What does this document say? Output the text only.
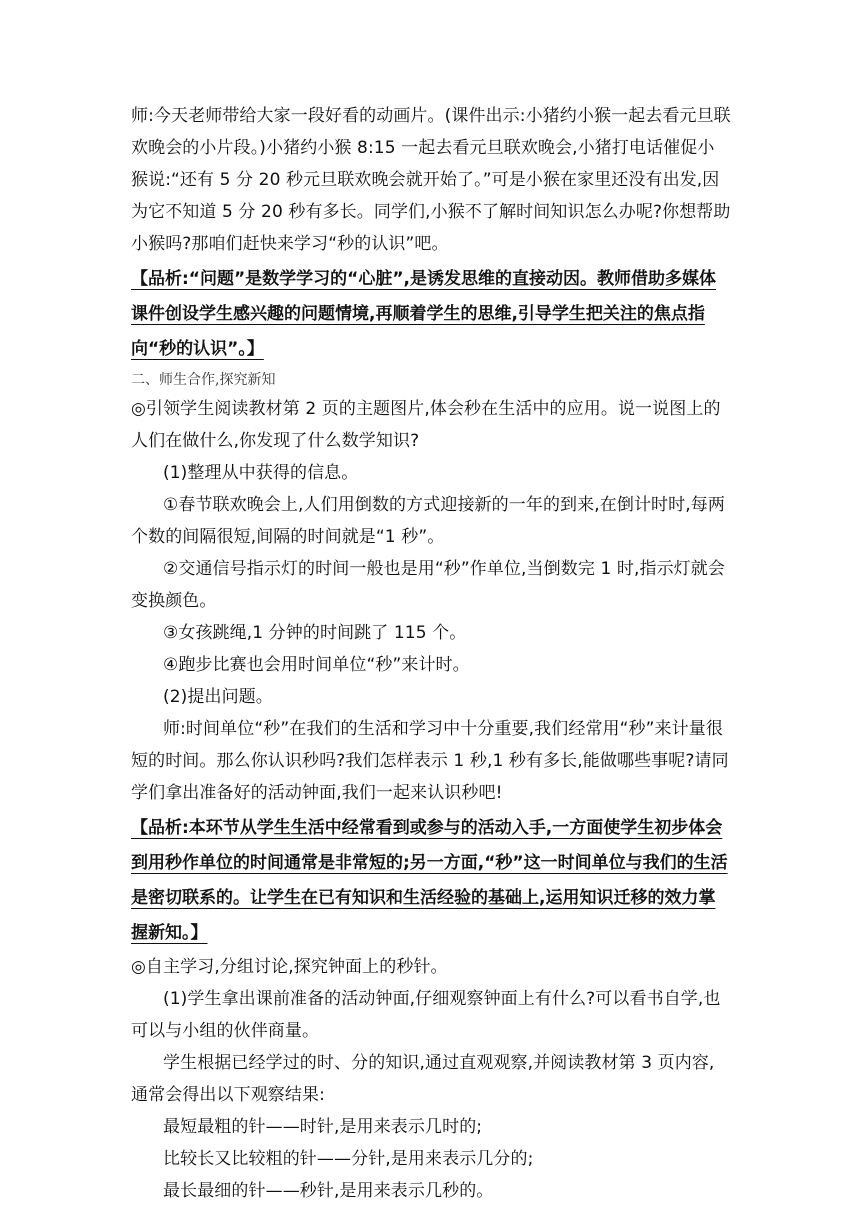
师:今天老师带给大家一段好看的动画片。(课件出示:小猪约小猴一起去看元旦联欢晚会的小片段。)小猪约小猴 8:15 一起去看元旦联欢晚会,小猪打电话催促小猴说:“还有 5 分 20 秒元旦联欢晚会就开始了。”可是小猴在家里还没有出发,因为它不知道 5 分 20 秒有多长。同学们,小猴不了解时间知识怎么办呢?你想帮助小猴吗?那咱们赶快来学习“秒的认识”吧。

【品析:“问题”是数学学习的“心脏”,是诱发思维的直接动因。教师借助多媒体课件创设学生感兴趣的问题情境,再顺着学生的思维,引导学生把关注的焦点指向“秒的认识”。】

二、师生合作,探究新知

◎引领学生阅读教材第 2 页的主题图片,体会秒在生活中的应用。说一说图上的人们在做什么,你发现了什么数学知识?

(1)整理从中获得的信息。

①春节联欢晚会上,人们用倒数的方式迎接新的一年的到来,在倒计时时,每两个数的间隔很短,间隔的时间就是“1 秒”。

②交通信号指示灯的时间一般也是用“秒”作单位,当倒数完 1 时,指示灯就会变换颜色。

③女孩跳绳,1 分钟的时间跳了 115 个。

④跑步比赛也会用时间单位“秒”来计时。

(2)提出问题。

师:时间单位“秒”在我们的生活和学习中十分重要,我们经常用“秒”来计量很短的时间。那么你认识秒吗?我们怎样表示 1 秒,1 秒有多长,能做哪些事呢?请同学们拿出准备好的活动钟面,我们一起来认识秒吧!

【品析:本环节从学生生活中经常看到或参与的活动入手,一方面使学生初步体会到用秒作单位的时间通常是非常短的;另一方面,“秒”这一时间单位与我们的生活是密切联系的。让学生在已有知识和生活经验的基础上,运用知识迁移的效力掌握新知。】

◎自主学习,分组讨论,探究钟面上的秒针。

(1)学生拿出课前准备的活动钟面,仔细观察钟面上有什么?可以看书自学,也可以与小组的伙伴商量。

学生根据已经学过的时、分的知识,通过直观观察,并阅读教材第 3 页内容,通常会得出以下观察结果:

最短最粗的针——时针,是用来表示几时的;

比较长又比较粗的针——分针,是用来表示几分的;

最长最细的针——秒针,是用来表示几秒的。
